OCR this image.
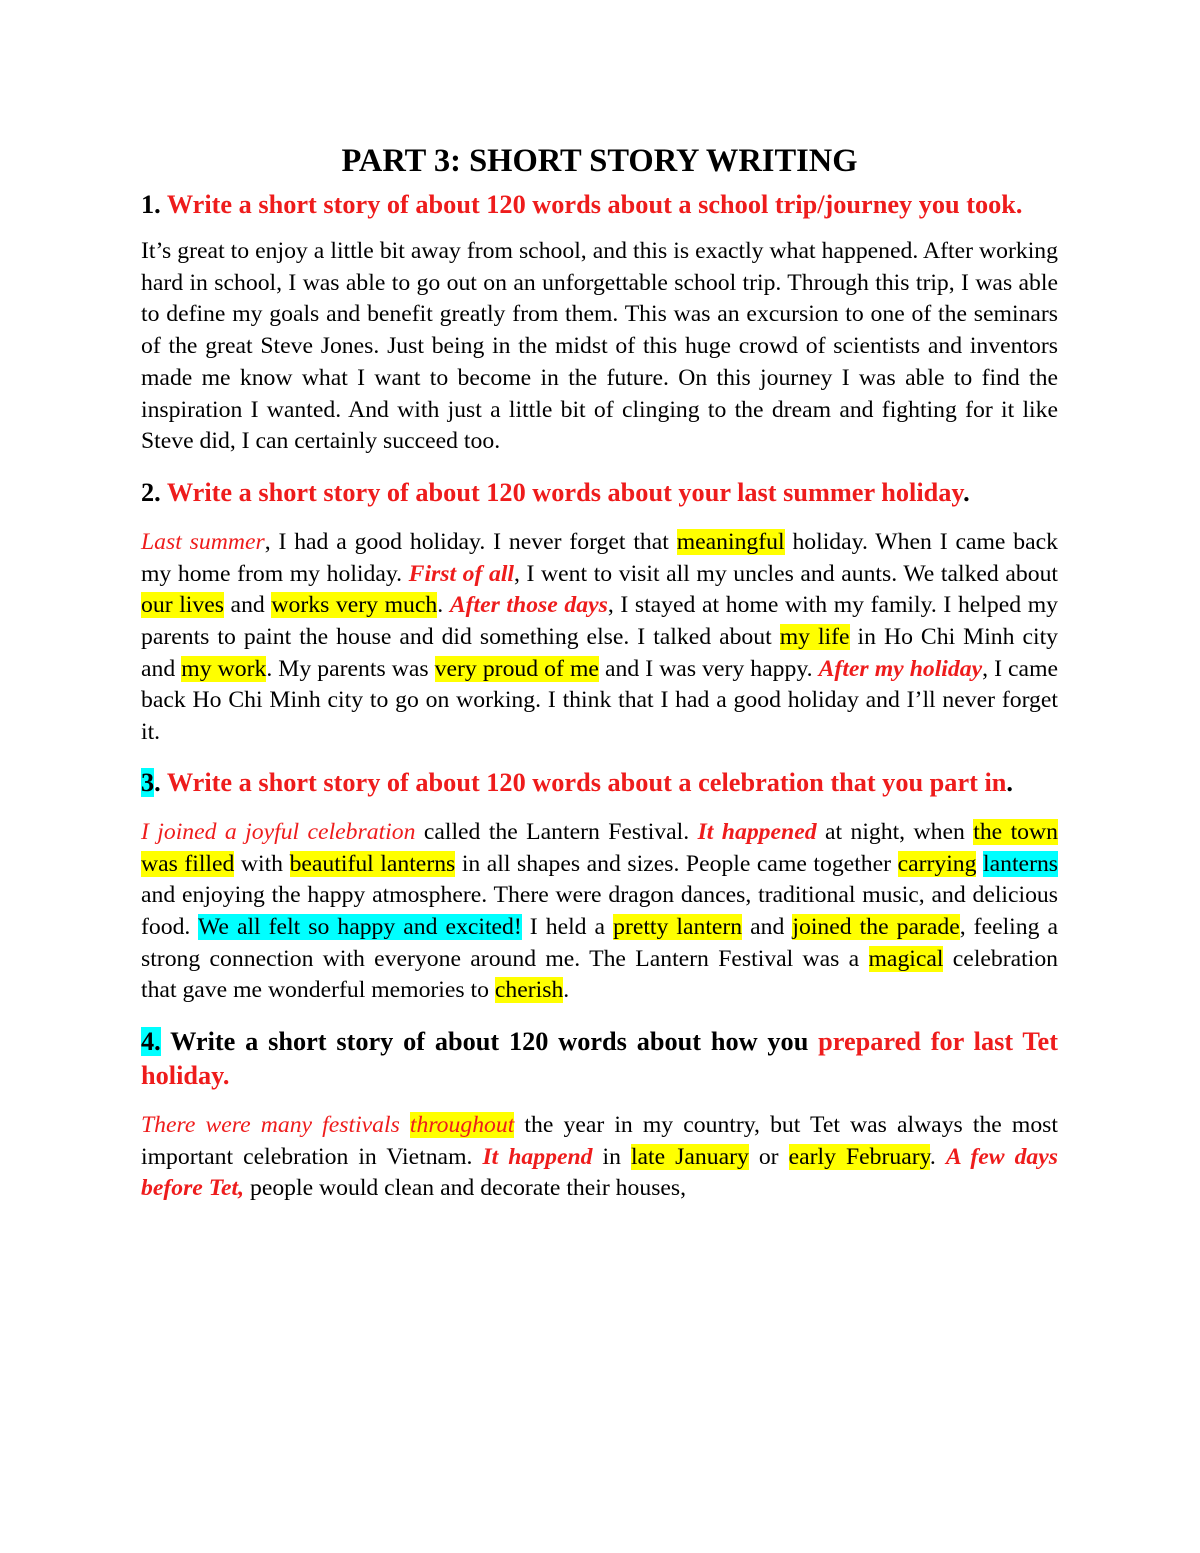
PART 3: SHORT STORY WRITING

1. Write a short story of about 120 words about a school trip/journey you took.

It’s great to enjoy a little bit away from school, and this is exactly what happened. After working hard in school, I was able to go out on an unforgettable school trip. Through this trip, I was able to define my goals and benefit greatly from them. This was an excursion to one of the seminars of the great Steve Jones. Just being in the midst of this huge crowd of scientists and inventors made me know what I want to become in the future. On this journey I was able to find the inspiration I wanted. And with just a little bit of clinging to the dream and fighting for it like Steve did, I can certainly succeed too.

2. Write a short story of about 120 words about your last summer holiday.

Last summer, I had a good holiday. I never forget that meaningful holiday. When I came back my home from my holiday. First of all, I went to visit all my uncles and aunts. We talked about our lives and works very much. After those days, I stayed at home with my family. I helped my parents to paint the house and did something else. I talked about my life in Ho Chi Minh city and my work. My parents was very proud of me and I was very happy. After my holiday, I came back Ho Chi Minh city to go on working. I think that I had a good holiday and I’ll never forget it.

3. Write a short story of about 120 words about a celebration that you part in.

I joined a joyful celebration called the Lantern Festival. It happened at night, when the town was filled with beautiful lanterns in all shapes and sizes. People came together carrying lanterns and enjoying the happy atmosphere. There were dragon dances, traditional music, and delicious food. We all felt so happy and excited! I held a pretty lantern and joined the parade, feeling a strong connection with everyone around me. The Lantern Festival was a magical celebration that gave me wonderful memories to cherish.

4. Write a short story of about 120 words about how you prepared for last Tet holiday.

There were many festivals throughout the year in my country, but Tet was always the most important celebration in Vietnam. It happend in late January or early February. A few days before Tet, people would clean and decorate their houses,
